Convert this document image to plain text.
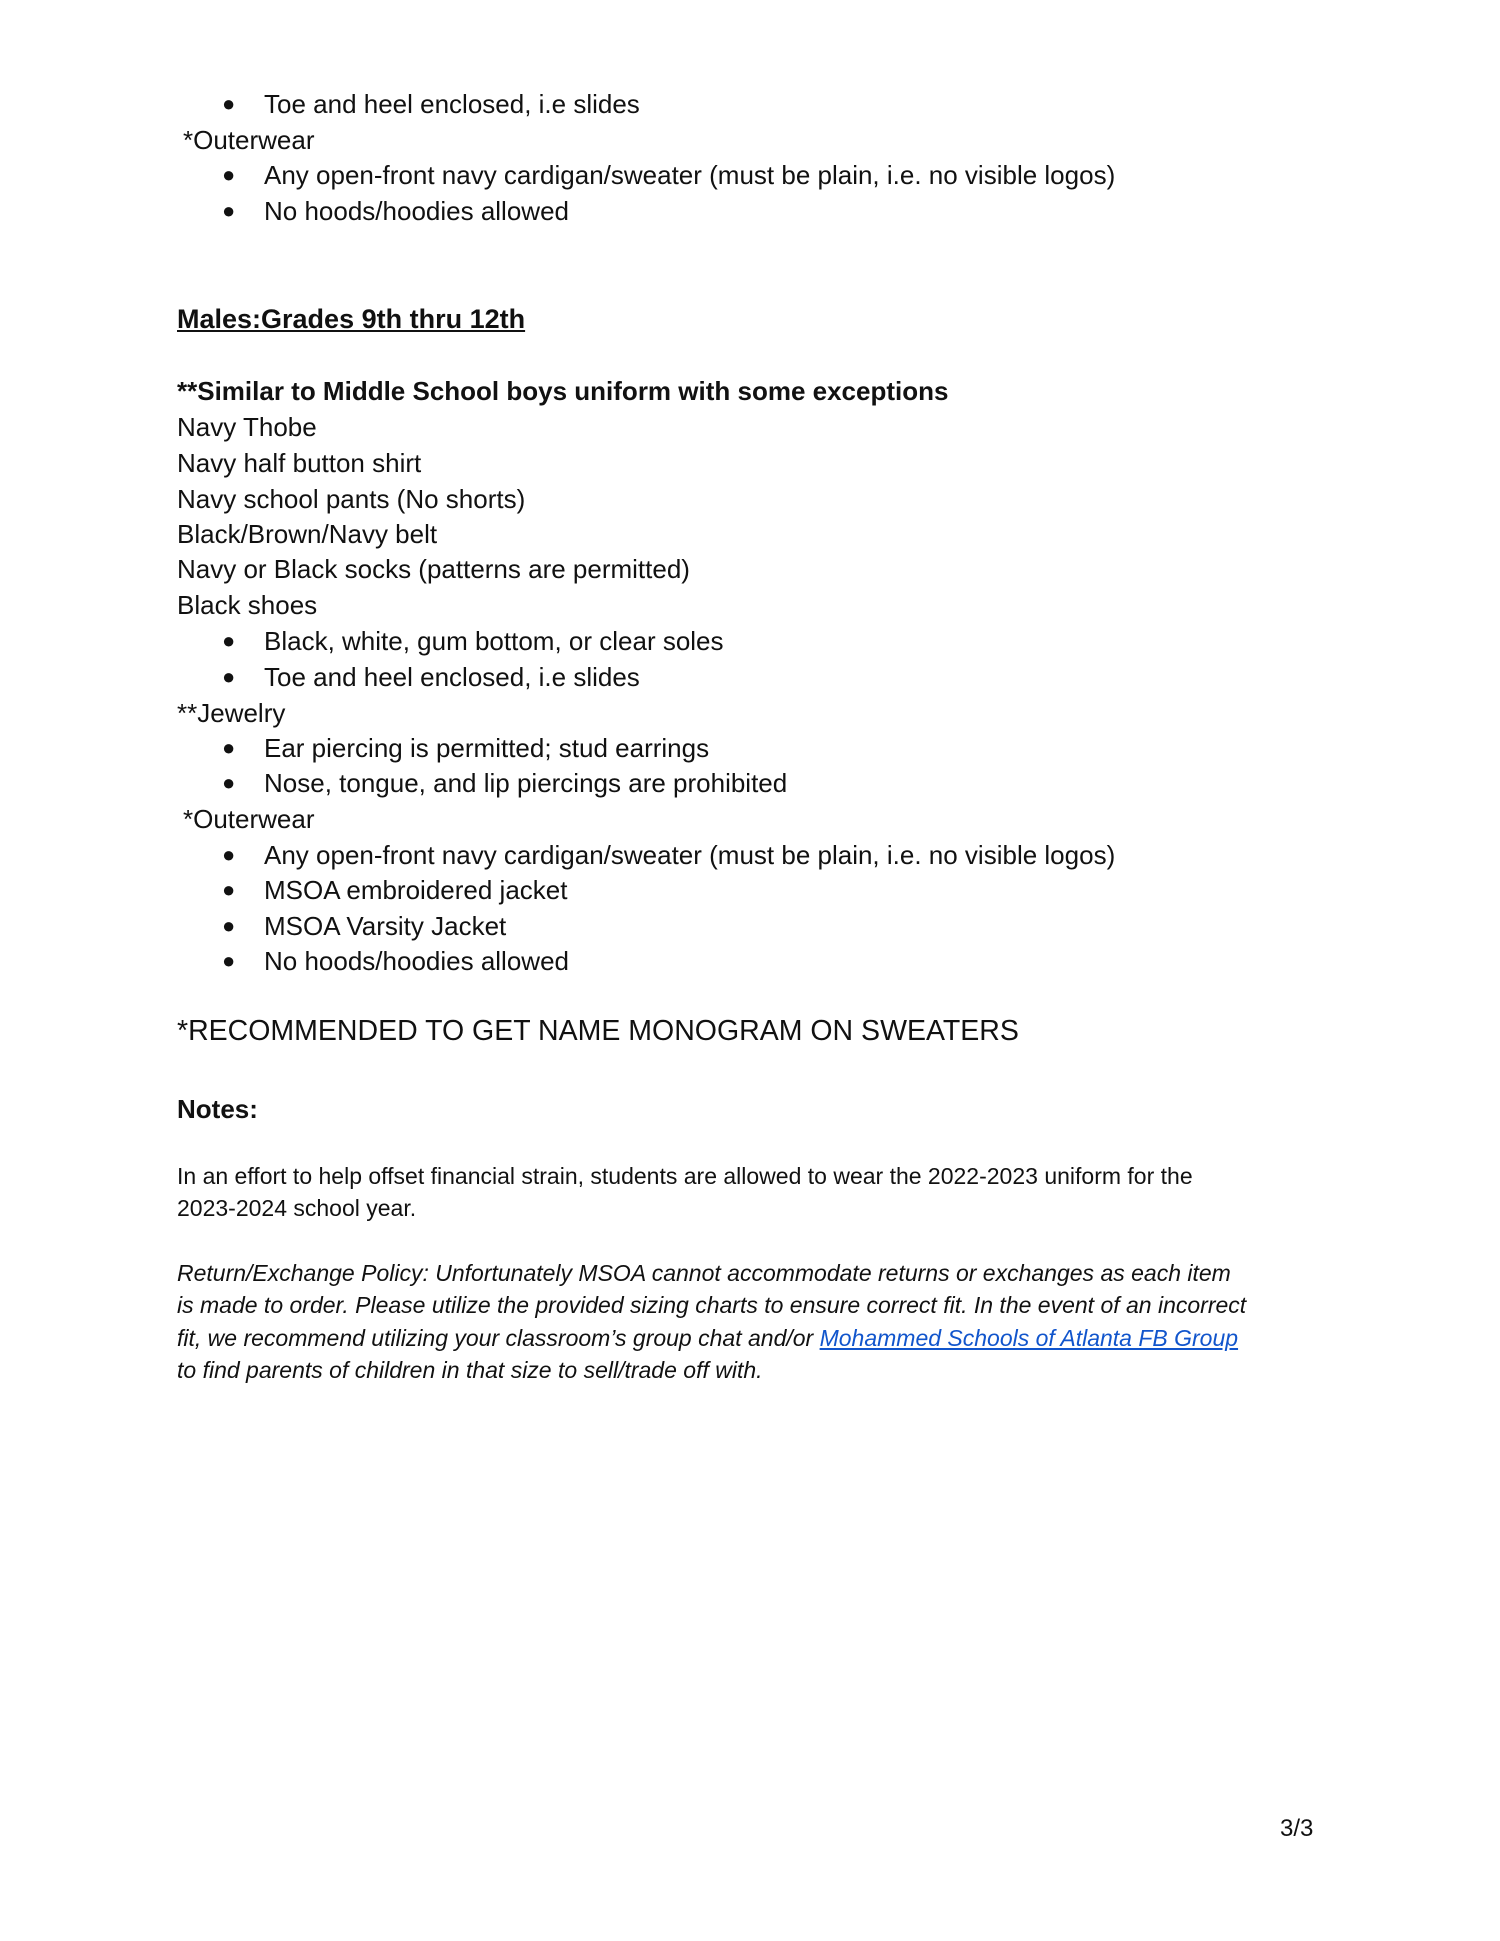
● Toe and heel enclosed, i.e slides
*Outerwear
● Any open-front navy cardigan/sweater (must be plain, i.e. no visible logos)
● No hoods/hoodies allowed
Males:Grades 9th thru 12th
**Similar to Middle School boys uniform with some exceptions
Navy Thobe
Navy half button shirt
Navy school pants (No shorts)
Black/Brown/Navy belt
Navy or Black socks (patterns are permitted)
Black shoes
● Black, white, gum bottom, or clear soles
● Toe and heel enclosed, i.e slides
**Jewelry
● Ear piercing is permitted; stud earrings
● Nose, tongue, and lip piercings are prohibited
*Outerwear
● Any open-front navy cardigan/sweater (must be plain, i.e. no visible logos)
● MSOA embroidered jacket
● MSOA Varsity Jacket
● No hoods/hoodies allowed
*RECOMMENDED TO GET NAME MONOGRAM ON SWEATERS
Notes:
In an effort to help offset financial strain, students are allowed to wear the 2022-2023 uniform for the
2023-2024 school year.
Return/Exchange Policy: Unfortunately MSOA cannot accommodate returns or exchanges as each item
is made to order. Please utilize the provided sizing charts to ensure correct fit. In the event of an incorrect
fit, we recommend utilizing your classroom’s group chat and/or Mohammed Schools of Atlanta FB Group
to find parents of children in that size to sell/trade off with.
3/3
